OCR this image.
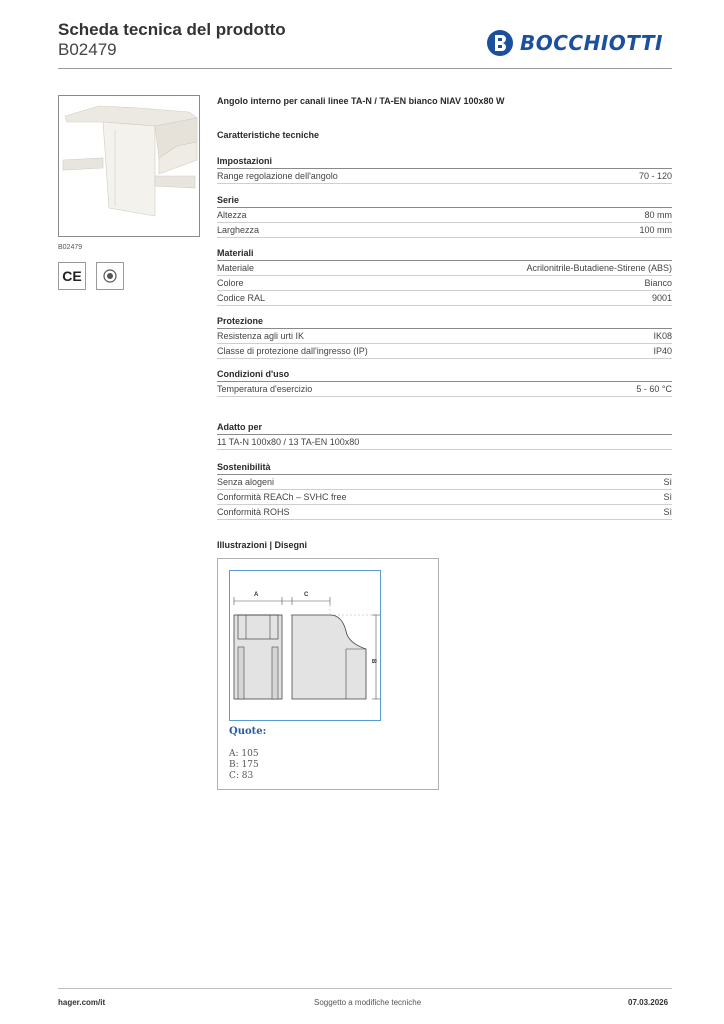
Scheda tecnica del prodotto
B02479	BOCCHIOTTI
B02479
CE
Angolo interno per canali linee TA-N / TA-EN bianco NIAV 100x80 W
Caratteristiche tecniche
Impostazioni
Range regolazione dell'angolo	70 - 120
Serie
Altezza	80 mm
Larghezza	100 mm
Materiali
Materiale	Acrilonitrile-Butadiene-Stirene (ABS)
Colore	Bianco
Codice RAL	9001
Protezione
Resistenza agli urti IK	IK08
Classe di protezione dall'ingresso (IP)	IP40
Condizioni d'uso
Temperatura d'esercizio	5 - 60 °C
Adatto per
11 TA-N 100x80 / 13 TA-EN 100x80
Sostenibilità
Senza alogeni	Sì
Conformità REACh – SVHC free	Sì
Conformità ROHS	Sì
Illustrazioni | Disegni
A	C
B
Quote:
A: 105
B: 175
C: 83
hager.com/it	Soggetto a modifiche tecniche	07.03.2026
